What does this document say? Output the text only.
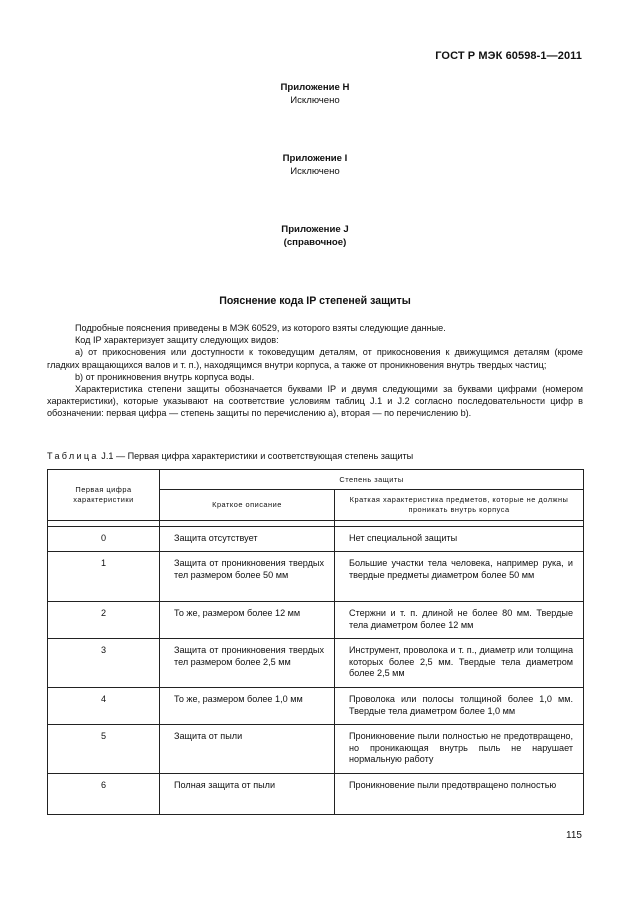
ГОСТ Р МЭК 60598-1—2011
Приложение Н
Исключено
Приложение I
Исключено
Приложение J
(справочное)
Пояснение кода IP степеней защиты

Подробные пояснения приведены в МЭК 60529, из которого взяты следующие данные.

Код IP характеризует защиту следующих видов:

а) от прикосновения или доступности к токоведущим деталям, от прикосновения к движущимся деталям (кроме гладких вращающихся валов и т. п.), находящимся внутри корпуса, а также от проникновения внутрь твердых частиц;

b) от проникновения внутрь корпуса воды.

Характеристика степени защиты обозначается буквами IP и двумя следующими за буквами цифрами (номером характеристики), которые указывают на соответствие условиям таблиц J.1 и J.2 согласно последовательности цифр в обозначении: первая цифра — степень защиты по перечислению а), вторая — по перечислению b).

Таблица J.1 — Первая цифра характеристики и соответствующая степень защиты
Первая цифра характеристики	Степень защиты	
	Краткое описание	Краткая характеристика предметов, которые не должны проникать внутрь корпуса

0	Защита отсутствует	Нет специальной защиты
1	Защита от проникновения твердых тел размером более 50 мм	Большие участки тела человека, например рука, и твердые предметы диаметром более 50 мм
2	То же, размером более 12 мм	Стержни и т. п. длиной не более 80 мм. Твердые тела диаметром более 12 мм
3	Защита от проникновения твердых тел размером более 2,5 мм	Инструмент, проволока и т. п., диаметр или толщина которых более 2,5 мм. Твердые тела диаметром более 2,5 мм
4	То же, размером более 1,0 мм	Проволока или полосы толщиной более 1,0 мм. Твердые тела диаметром более 1,0 мм
5	Защита от пыли	Проникновение пыли полностью не предотвращено, но проникающая внутрь пыль не нарушает нормальную работу
6	Полная защита от пыли	Проникновение пыли предотвращено полностью
115
